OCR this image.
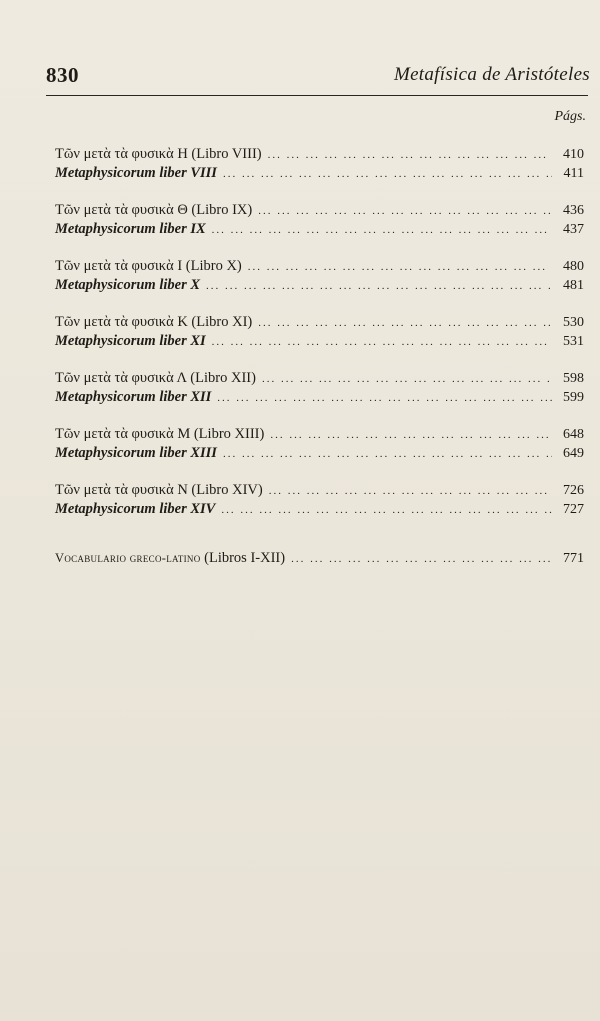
830	Metafísica de Aristóteles
Págs.
Τῶν μετὰ τὰ φυσικὰ Η (Libro VIII) ... .	410
Metaphysicorum liber VIII ... .	411
Τῶν μετὰ τὰ φυσικὰ Θ (Libro IX) ... .	436
Metaphysicorum liber IX ... .	437
Τῶν μετὰ τὰ φυσικὰ Ι (Libro X) ... .	480
Metaphysicorum liber X ... .	481
Τῶν μετὰ τὰ φυσικὰ Κ (Libro XI) ... .	530
Metaphysicorum liber XI ... .	531
Τῶν μετὰ τὰ φυσικὰ Λ (Libro XII) ... .	598
Metaphysicorum liber XII ... .	599
Τῶν μετὰ τὰ φυσικὰ Μ (Libro XIII) ... .	648
Metaphysicorum liber XIII ... .	649
Τῶν μετὰ τὰ φυσικὰ Ν (Libro XIV) ... .	726
Metaphysicorum liber XIV ... .	727
Vocabulario greco-latino (Libros I-XII) ... .	771
